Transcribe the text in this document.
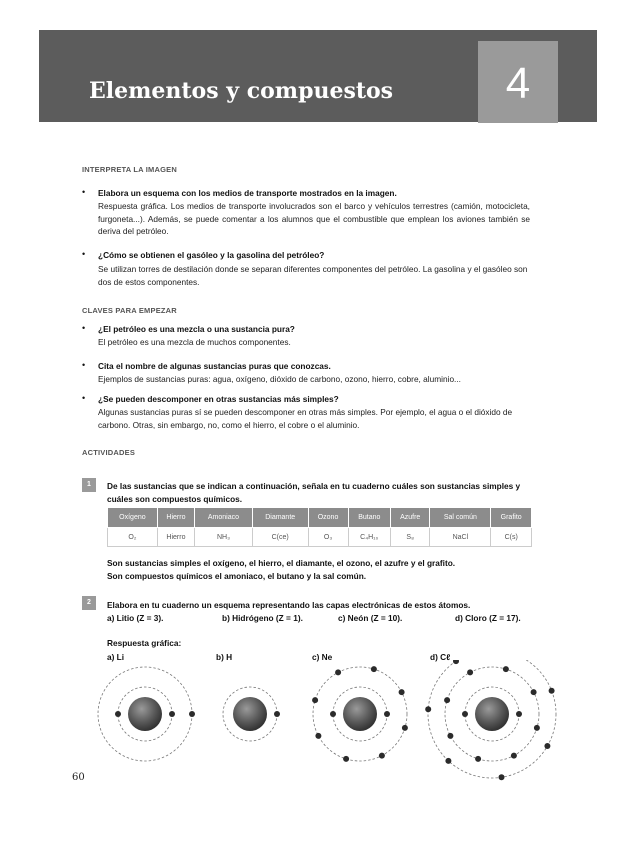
Elementos y compuestos	4
INTERPRETA LA IMAGEN
• Elabora un esquema con los medios de transporte mostrados en la imagen.
Respuesta gráfica. Los medios de transporte involucrados son el barco y vehículos terrestres (camión, motocicleta, furgoneta...). Además, se puede comentar a los alumnos que el combustible que emplean los aviones también se deriva del petróleo.
• ¿Cómo se obtienen el gasóleo y la gasolina del petróleo?
Se utilizan torres de destilación donde se separan diferentes componentes del petróleo. La gasolina y el gasóleo son dos de estos componentes.
CLAVES PARA EMPEZAR
• ¿El petróleo es una mezcla o una sustancia pura?
El petróleo es una mezcla de muchos componentes.
• Cita el nombre de algunas sustancias puras que conozcas.
Ejemplos de sustancias puras: agua, oxígeno, dióxido de carbono, ozono, hierro, cobre, aluminio...
• ¿Se pueden descomponer en otras sustancias más simples?
Algunas sustancias puras sí se pueden descomponer en otras más simples. Por ejemplo, el agua o el dióxido de carbono. Otras, sin embargo, no, como el hierro, el cobre o el aluminio.
ACTIVIDADES
1	De las sustancias que se indican a continuación, señala en tu cuaderno cuáles son sustancias simples y cuáles son compuestos químicos.
Oxígeno	Hierro	Amoniaco	Diamante	Ozono	Butano	Azufre	Sal común	Grafito
O₂	Hierro	NH₃	C(ce)	O₃	C₄H₁₀	S₈	NaCl	C(s)
Son sustancias simples el oxígeno, el hierro, el diamante, el ozono, el azufre y el grafito.
Son compuestos químicos el amoniaco, el butano y la sal común.
2	Elabora en tu cuaderno un esquema representando las capas electrónicas de estos átomos.
a) Litio (Z = 3).	b) Hidrógeno (Z = 1).	c) Neón (Z = 10).	d) Cloro (Z = 17).
Respuesta gráfica:
a) Li	b) H	c) Ne	d) Cℓ
60
